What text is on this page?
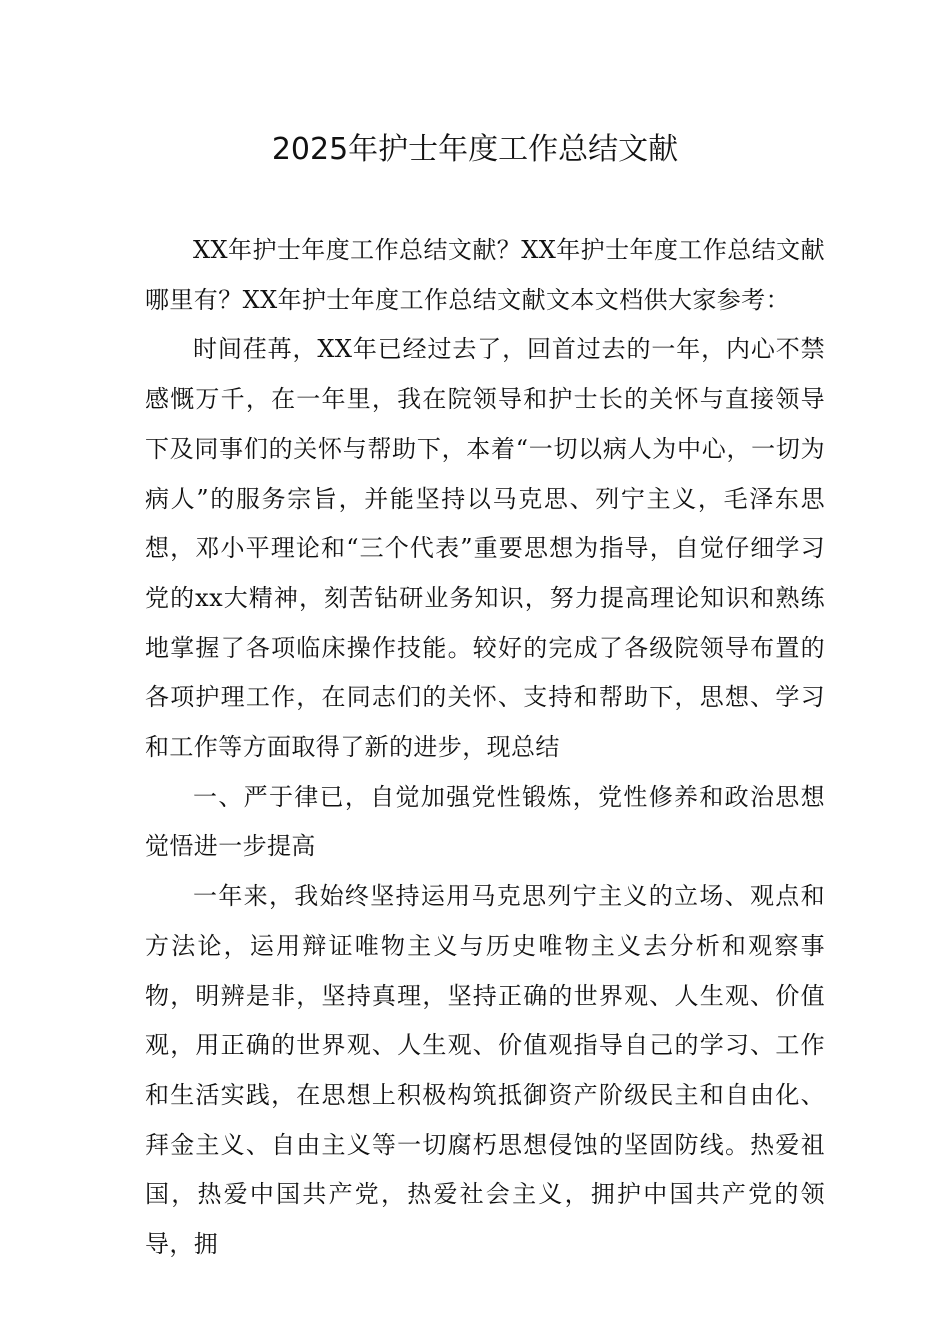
2025年护士年度工作总结文献

XX年护士年度工作总结文献？XX年护士年度工作总结文献哪里有？XX年护士年度工作总结文献文本文档供大家参考：

时间荏苒，XX年已经过去了，回首过去的一年，内心不禁感慨万千，在一年里，我在院领导和护士长的关怀与直接领导下及同事们的关怀与帮助下，本着“一切以病人为中心，一切为病人”的服务宗旨，并能坚持以马克思、列宁主义，毛泽东思想，邓小平理论和“三个代表”重要思想为指导，自觉仔细学习党的xx大精神，刻苦钻研业务知识，努力提高理论知识和熟练地掌握了各项临床操作技能。较好的完成了各级院领导布置的各项护理工作，在同志们的关怀、支持和帮助下，思想、学习和工作等方面取得了新的进步，现总结

一、严于律已，自觉加强党性锻炼，党性修养和政治思想觉悟进一步提高

一年来，我始终坚持运用马克思列宁主义的立场、观点和方法论，运用辩证唯物主义与历史唯物主义去分析和观察事物，明辨是非，坚持真理，坚持正确的世界观、人生观、价值观，用正确的世界观、人生观、价值观指导自己的学习、工作和生活实践，在思想上积极构筑抵御资产阶级民主和自由化、拜金主义、自由主义等一切腐朽思想侵蚀的坚固防线。热爱祖国，热爱中国共产党，热爱社会主义，拥护中国共产党的领导，拥
